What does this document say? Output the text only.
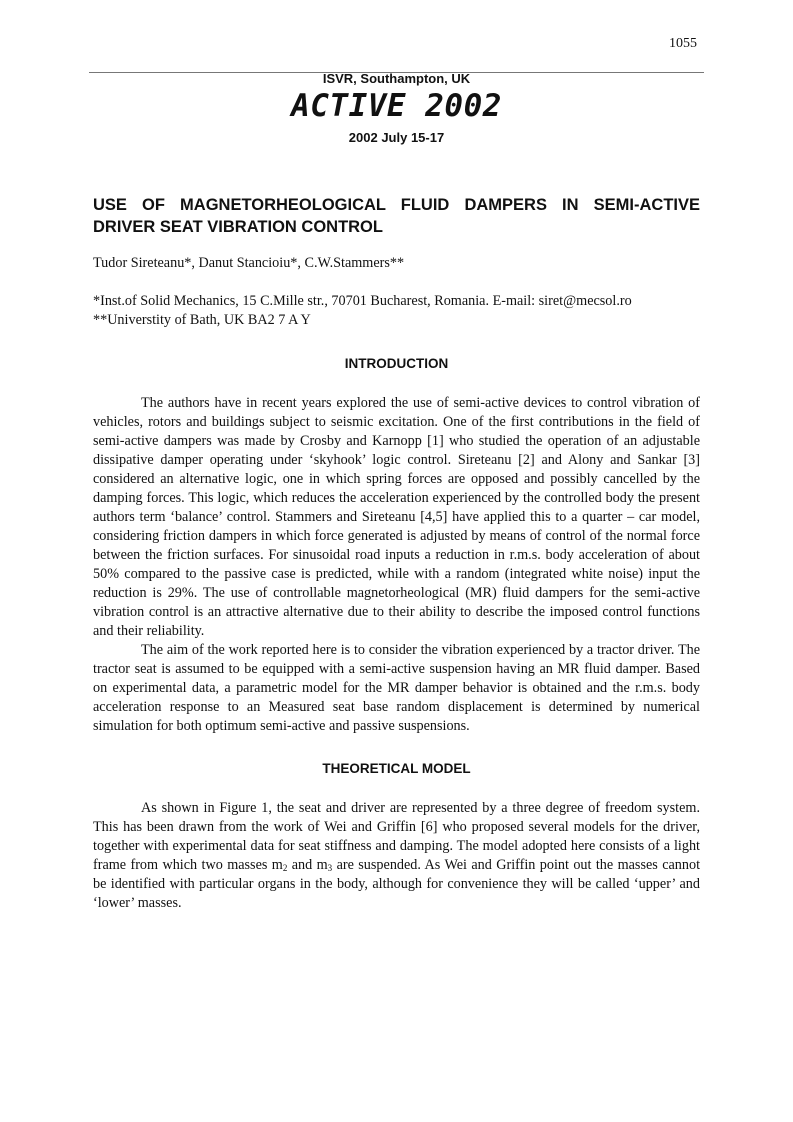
1055
ISVR, Southampton, UK
ACTIVE 2002
2002 July 15-17
USE OF MAGNETORHEOLOGICAL FLUID DAMPERS IN SEMI-ACTIVE DRIVER SEAT VIBRATION CONTROL

Tudor Sireteanu*, Danut Stancioiu*, C.W.Stammers**

*Inst.of Solid Mechanics, 15 C.Mille str., 70701 Bucharest, Romania. E-mail: siret@mecsol.ro
**Universtity of Bath, UK BA2 7 A Y
INTRODUCTION

The authors have in recent years explored the use of semi-active devices to control vibration of vehicles, rotors and buildings subject to seismic excitation. One of the first contributions in the field of semi-active dampers was made by Crosby and Karnopp [1] who studied the operation of an adjustable dissipative damper operating under ‘skyhook’ logic control. Sireteanu [2] and Alony and Sankar [3] considered an alternative logic, one in which spring forces are opposed and possibly cancelled by the damping forces. This logic, which reduces the acceleration experienced by the controlled body the present authors term ‘balance’ control. Stammers and Sireteanu [4,5] have applied this to a quarter – car model, considering friction dampers in which force generated is adjusted by means of control of the normal force between the friction surfaces. For sinusoidal road inputs a reduction in r.m.s. body acceleration of about 50% compared to the passive case is predicted, while with a random (integrated white noise) input the reduction is 29%. The use of controllable magnetorheological (MR) fluid dampers for the semi-active vibration control is an attractive alternative due to their ability to describe the imposed control functions and their reliability.

The aim of the work reported here is to consider the vibration experienced by a tractor driver. The tractor seat is assumed to be equipped with a semi-active suspension having an MR fluid damper. Based on experimental data, a parametric model for the MR damper behavior is obtained and the r.m.s. body acceleration response to an Measured seat base random displacement is determined by numerical simulation for both optimum semi-active and passive suspensions.

THEORETICAL MODEL

As shown in Figure 1, the seat and driver are represented by a three degree of freedom system. This has been drawn from the work of Wei and Griffin [6] who proposed several models for the driver, together with experimental data for seat stiffness and damping. The model adopted here consists of a light frame from which two masses $m_2$ and $m_3$ are suspended. As Wei and Griffin point out the masses cannot be identified with particular organs in the body, although for convenience they will be called ‘upper’ and ‘lower’ masses.
